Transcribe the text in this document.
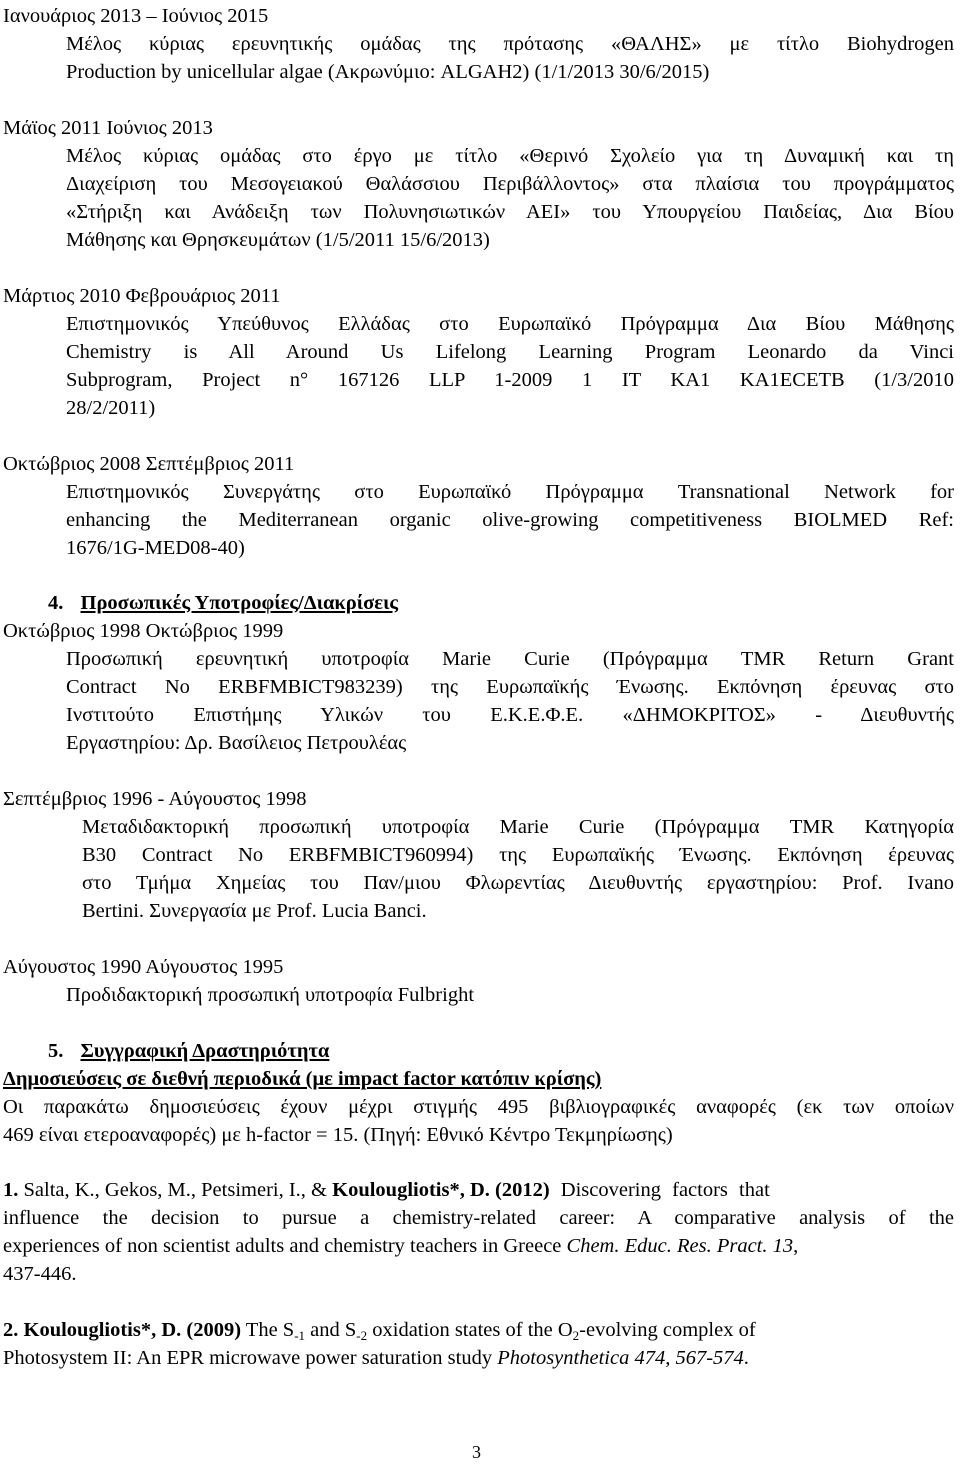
Ιανουάριος 2013 – Ιούνιος 2015
Μέλος κύριας ερευνητικής ομάδας της πρότασης «ΘΑΛΗΣ» με τίτλο Biohydrogen
Production by unicellular algae (Ακρωνύμιο: ALGAH2) (1/1/2013 30/6/2015)
Μάϊος 2011 Ιούνιος 2013
Μέλος κύριας ομάδας στο έργο με τίτλο «Θερινό Σχολείο για τη Δυναμική και τη
Διαχείριση του Μεσογειακού Θαλάσσιου Περιβάλλοντος» στα πλαίσια του προγράμματος
«Στήριξη και Ανάδειξη των Πολυνησιωτικών ΑΕΙ» του Υπουργείου Παιδείας, Δια Βίου
Μάθησης και Θρησκευμάτων (1/5/2011 15/6/2013)
Μάρτιος 2010 Φεβρουάριος 2011
Επιστημονικός Υπεύθυνος Ελλάδας στο Ευρωπαϊκό Πρόγραμμα Δια Βίου Μάθησης
Chemistry is All Around Us Lifelong Learning Program Leonardo da Vinci
Subprogram, Project n° 167126 LLP 1-2009 1 IT KA1 KA1ECETB (1/3/2010
28/2/2011)
Οκτώβριος 2008 Σεπτέμβριος 2011
Επιστημονικός Συνεργάτης στο Ευρωπαϊκό Πρόγραμμα Transnational Network for
enhancing the Mediterranean organic olive-growing competitiveness BIOLMED Ref:
1676/1G-MED08-40)
4. Προσωπικές Υποτροφίες/Διακρίσεις
Οκτώβριος 1998 Οκτώβριος 1999
Προσωπική ερευνητική υποτροφία Marie Curie (Πρόγραμμα TMR Return Grant
Contract No ERBFMBICT983239) της Ευρωπαϊκής Ένωσης. Εκπόνηση έρευνας στο
Ινστιτούτο Επιστήμης Υλικών του Ε.Κ.Ε.Φ.Ε. «ΔΗΜΟΚΡΙΤΟΣ» - Διευθυντής
Εργαστηρίου: Δρ. Βασίλειος Πετρουλέας
Σεπτέμβριος 1996 - Αύγουστος 1998
Μεταδιδακτορική προσωπική υποτροφία Marie Curie (Πρόγραμμα TMR Κατηγορία
B30 Contract No ERBFMBICT960994) της Ευρωπαϊκής Ένωσης. Εκπόνηση έρευνας
στο Τμήμα Χημείας του Παν/μιου Φλωρεντίας Διευθυντής εργαστηρίου: Prof. Ivano
Bertini. Συνεργασία με Prof. Lucia Banci.
Αύγουστος 1990 Αύγουστος 1995
Προδιδακτορική προσωπική υποτροφία Fulbright
5. Συγγραφική Δραστηριότητα
Δημοσιεύσεις σε διεθνή περιοδικά (με impact factor κατόπιν κρίσης)
Οι παρακάτω δημοσιεύσεις έχουν μέχρι στιγμής 495 βιβλιογραφικές αναφορές (εκ των οποίων
469 είναι ετεροαναφορές) με h-factor = 15. (Πηγή: Εθνικό Κέντρο Τεκμηρίωσης)
1. Salta, K., Gekos, M., Petsimeri, I., & Koulougliotis*, D. (2012) Discovering factors that
influence the decision to pursue a chemistry-related career: A comparative analysis of the
experiences of non scientist adults and chemistry teachers in Greece Chem. Educ. Res. Pract. 13,
437-446.
2. Koulougliotis*, D. (2009) The $S_{-1}$ and $S_{-2}$ oxidation states of the $O_2$-evolving complex of
Photosystem II: An EPR microwave power saturation study Photosynthetica 474, 567-574.
3
